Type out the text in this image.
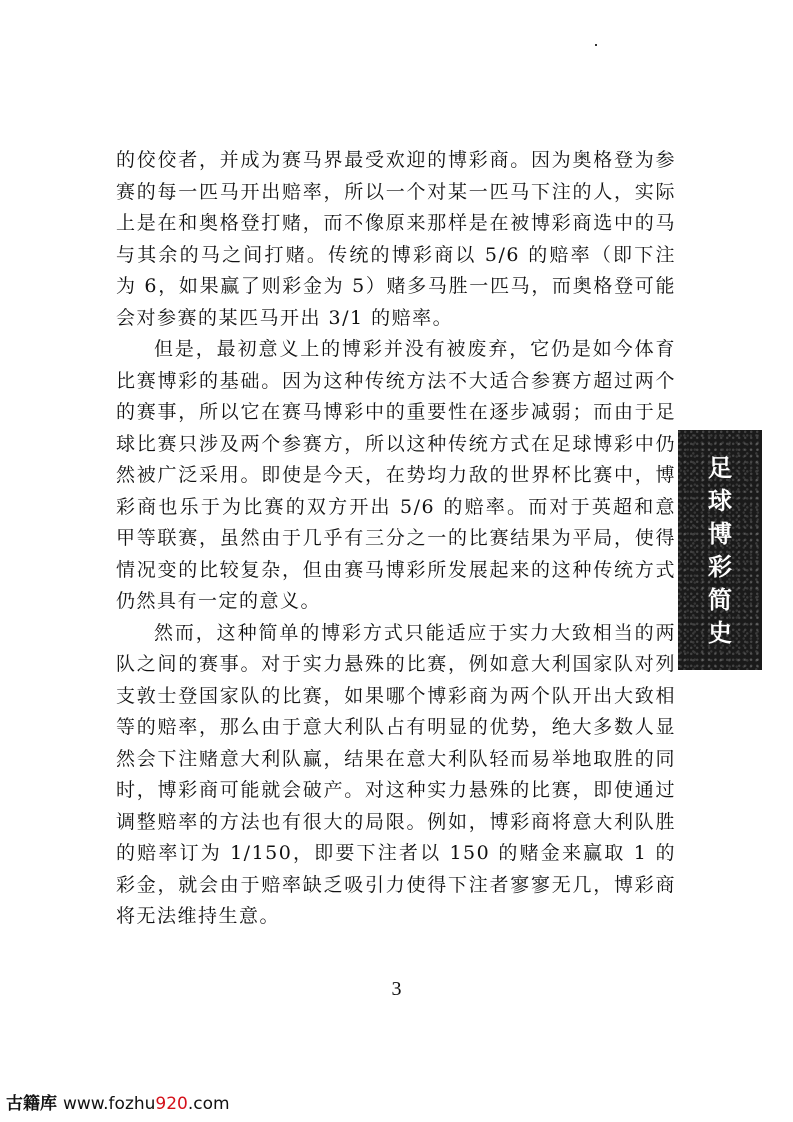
的佼佼者，并成为赛马界最受欢迎的博彩商。因为奥格登为参赛的每一匹马开出赔率，所以一个对某一匹马下注的人，实际上是在和奥格登打赌，而不像原来那样是在被博彩商选中的马与其余的马之间打赌。传统的博彩商以 5/6 的赔率（即下注为 6，如果赢了则彩金为 5）赌多马胜一匹马，而奥格登可能会对参赛的某匹马开出 3/1 的赔率。

但是，最初意义上的博彩并没有被废弃，它仍是如今体育比赛博彩的基础。因为这种传统方法不大适合参赛方超过两个的赛事，所以它在赛马博彩中的重要性在逐步减弱；而由于足球比赛只涉及两个参赛方，所以这种传统方式在足球博彩中仍然被广泛采用。即使是今天，在势均力敌的世界杯比赛中，博彩商也乐于为比赛的双方开出 5/6 的赔率。而对于英超和意甲等联赛，虽然由于几乎有三分之一的比赛结果为平局，使得情况变的比较复杂，但由赛马博彩所发展起来的这种传统方式仍然具有一定的意义。

然而，这种简单的博彩方式只能适应于实力大致相当的两队之间的赛事。对于实力悬殊的比赛，例如意大利国家队对列支敦士登国家队的比赛，如果哪个博彩商为两个队开出大致相等的赔率，那么由于意大利队占有明显的优势，绝大多数人显然会下注赌意大利队赢，结果在意大利队轻而易举地取胜的同时，博彩商可能就会破产。对这种实力悬殊的比赛，即使通过调整赔率的方法也有很大的局限。例如，博彩商将意大利队胜的赔率订为 1/150，即要下注者以 150 的赌金来赢取 1 的彩金，就会由于赔率缺乏吸引力使得下注者寥寥无几，博彩商将无法维持生意。

足球博彩简史
3
古籍库 www.fozhu920.com
